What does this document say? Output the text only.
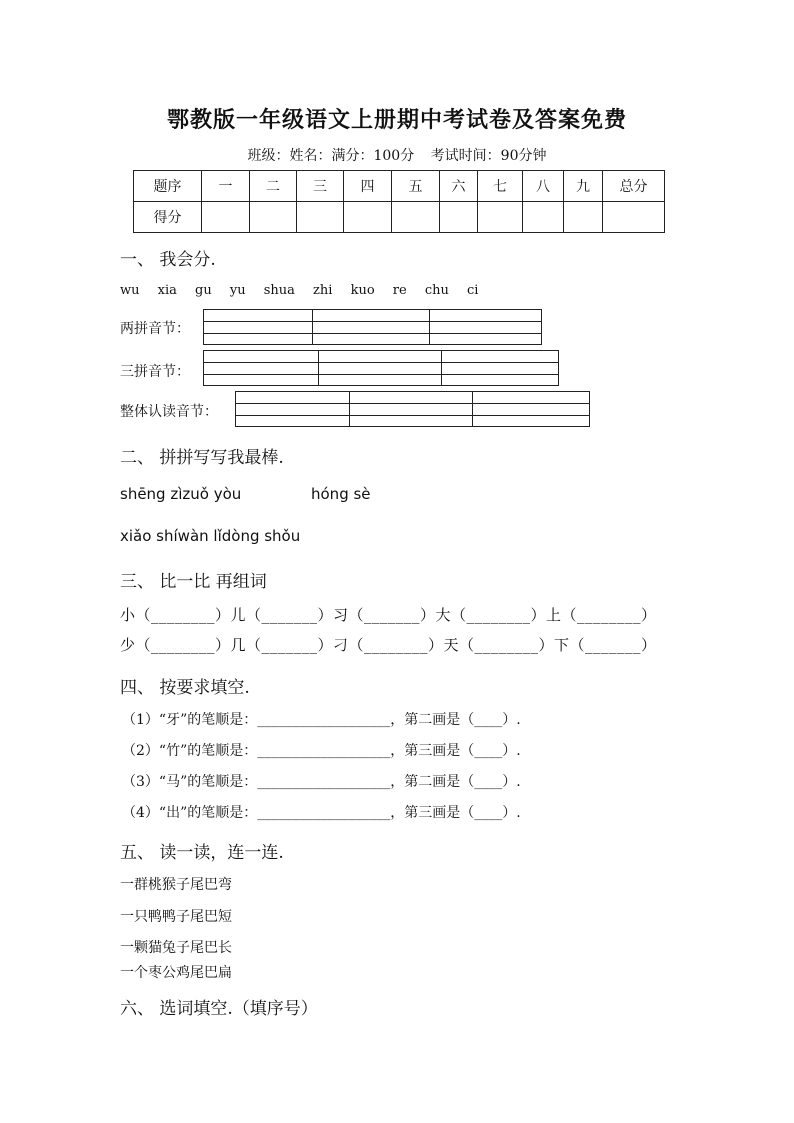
鄂教版一年级语文上册期中考试卷及答案免费
班级：姓名：满分：100分 考试时间：90分钟
题序	一	二	三	四	五	六	七	八	九	总分
得分										
一、 我会分.
wu xia gu yu shua zhi kuo re chu ci
两拼音节：
三拼音节：
整体认读音节：
二、 拼拼写写我最棒.
shēng zìzuǒ yòu	hóng sè
xiǎo shíwàn lǐdòng shǒu
三、 比一比 再组词
小（________）儿（_______）习（_______）大（________）上（________）
少（________）几（_______）刁（________）天（________）下（_______）
四、 按要求填空.
（1）“牙”的笔顺是：___________________，第二画是（____）.
（2）“竹”的笔顺是：___________________，第三画是（____）.
（3）“马”的笔顺是：___________________，第二画是（____）.
（4）“出”的笔顺是：___________________，第三画是（____）.
五、 读一读，连一连.
一群桃猴子尾巴弯
一只鸭鸭子尾巴短
一颗猫兔子尾巴长
一个枣公鸡尾巴扁
六、 选词填空.（填序号）
